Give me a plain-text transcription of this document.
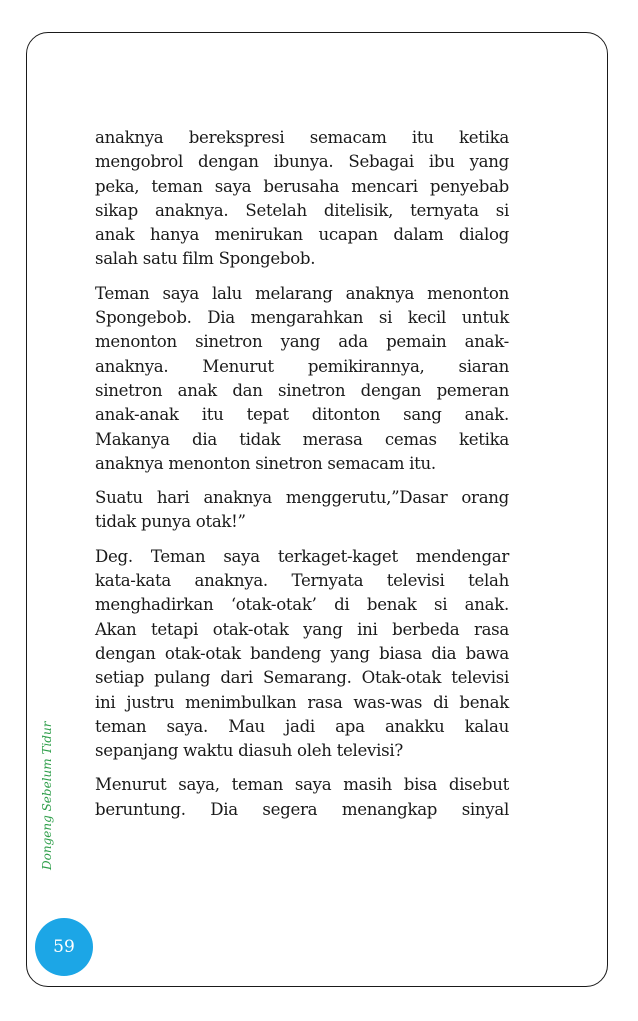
anaknya berekspresi semacam itu ketika
mengobrol dengan ibunya. Sebagai ibu yang
peka, teman saya berusaha mencari penyebab
sikap anaknya. Setelah ditelisik, ternyata si
anak hanya menirukan ucapan dalam dialog
salah satu film Spongebob.
Teman saya lalu melarang anaknya menonton
Spongebob. Dia mengarahkan si kecil untuk
menonton sinetron yang ada pemain anak-
anaknya. Menurut pemikirannya, siaran
sinetron anak dan sinetron dengan pemeran
anak-anak itu tepat ditonton sang anak.
Makanya dia tidak merasa cemas ketika
anaknya menonton sinetron semacam itu.
Suatu hari anaknya menggerutu,”Dasar orang
tidak punya otak!”
Deg. Teman saya terkaget-kaget mendengar
kata-kata anaknya. Ternyata televisi telah
menghadirkan ‘otak-otak’ di benak si anak.
Akan tetapi otak-otak yang ini berbeda rasa
dengan otak-otak bandeng yang biasa dia bawa
setiap pulang dari Semarang. Otak-otak televisi
ini justru menimbulkan rasa was-was di benak
teman saya. Mau jadi apa anakku kalau
sepanjang waktu diasuh oleh televisi?
Menurut saya, teman saya masih bisa disebut
beruntung. Dia segera menangkap sinyal
Dongeng Sebelum Tidur
59
